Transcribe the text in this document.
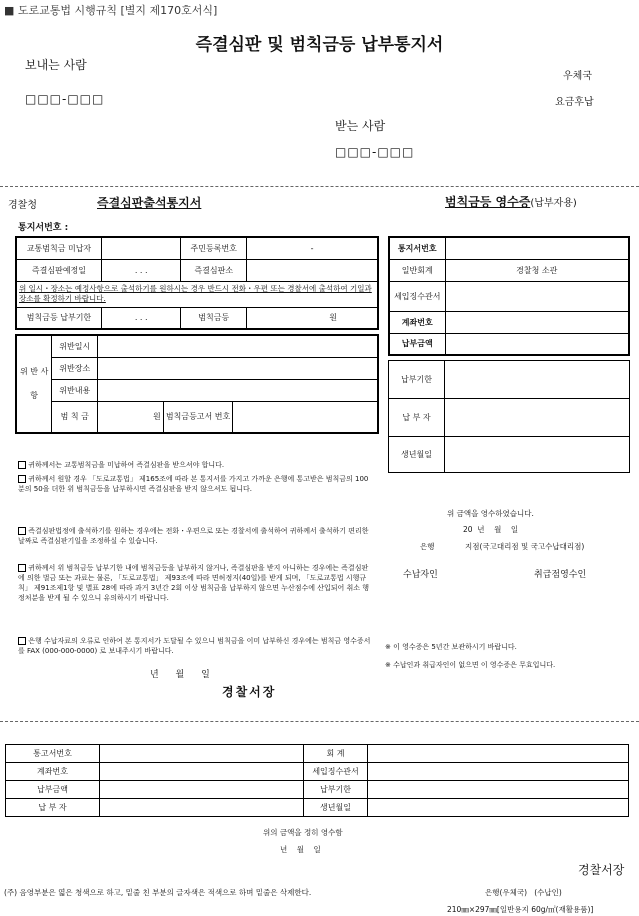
■ 도로교통법 시행규칙 [별지 제170호서식]
즉결심판 및 범칙금등 납부통지서
보내는 사람
□□□-□□□
우체국
요금후납
받는 사람
□□□-□□□
경찰청	즉결심판출석통지서
통지서번호 :
교통범칙금 미납자		주민등록번호	-
즉결심판예정일	. . .	즉결심판소	
위 일시・장소는 예정사항으로 출석하기를 원하시는 경우 반드시 전화・우편 또는 경찰서에 출석하여 기일과 장소를 확정하기 바랍니다.			
범칙금등 납부기한	. . .	범칙금등	원
위 반 사 항	위반일시			
	위반장소			
	위반내용			
	범 칙 금	원	범칙금등고서 번호	

귀하께서는 교통범칙금을 미납하여 즉결심판을 받으셔야 합니다.

귀하께서 원할 경우 「도로교통법」 제165조에 따라 본 통지서를 가지고 가까운 은행에 통고받은 범칙금의 100분의 50을 더한 위 범칙금등을 납부하시면 즉결심판을 받지 않으셔도 됩니다.

즉결심판법정에 출석하기를 원하는 경우에는 전화・우편으로 또는 경찰서에 출석하여 귀하께서 출석하기 편리한 날짜로 즉결심판기일을 조정하실 수 있습니다.

귀하께서 위 범칙금등 납부기한 내에 범칙금등을 납부하지 않거나, 즉결심판을 받지 아니하는 경우에는 즉결심판에 의한 벌금 또는 과료는 물론, 「도로교통법」 제93조에 따라 면허정지(40일)를 받게 되며, 「도로교통법 시행규칙」 제91조제1항 및 별표 28에 따라 과거 3년간 2회 이상 범칙금을 납부하지 않으면 누산점수에 산입되어 취소 행정처분을 받게 될 수 있으니 유의하시기 바랍니다.

은행 수납자료의 오류로 인하여 본 통지서가 도달될 수 있으니 범칙금을 이미 납부하신 경우에는 범칙금 영수증서를 FAX (000-000-0000) 로 보내주시기 바랍니다.

년 월 일
경찰서장
범칙금등 영수증(납부자용)
통지서번호	
일반회계	경찰청 소관
세입징수관서	
계좌번호	
납부금액	
납부기한	
납 부 자	
생년월일	
위 금액을 영수하였습니다.
20  년    월    일
은행	지점(국고대리점 및 국고수납대리점)
수납자인	취급점영수인
※ 이 영수증은 5년간 보관하시기 바랍니다.
※ 수납인과 취급자인이 없으면 이 영수증은 무효입니다.
통고서번호		회 계	
계좌번호		세입징수관서	
납부금액		납부기한	
납 부 자		생년월일	
위의 금액을 정히 영수함
년    월    일
경찰서장
(주) 음영부분은 엷은 청색으로 하고, 밑줄 친 부분의 글자색은 적색으로 하며 밑줄은 삭제한다.	은행(우체국)   (수납인)
210㎜×297㎜[일반용지 60g/㎡(재활용품)]
